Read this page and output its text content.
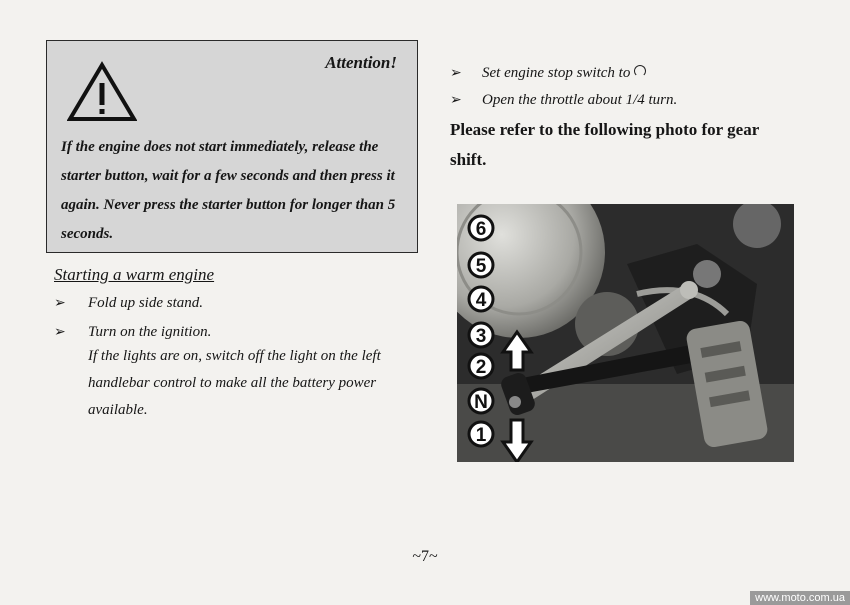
Attention!
If the engine does not start immediately, release the starter button, wait for a few seconds and then press it again. Never press the starter button for longer than 5 seconds.
Starting a warm engine
➢ Fold up side stand.
➢ Turn on the ignition.
If the lights are on, switch off the light on the left handlebar control to make all the battery power available.
➢ Set engine stop switch to
➢ Open the throttle about 1/4 turn.
Please refer to the following photo for gear shift.
6
5
4
3
2
N
1
~7~
www.moto.com.ua
